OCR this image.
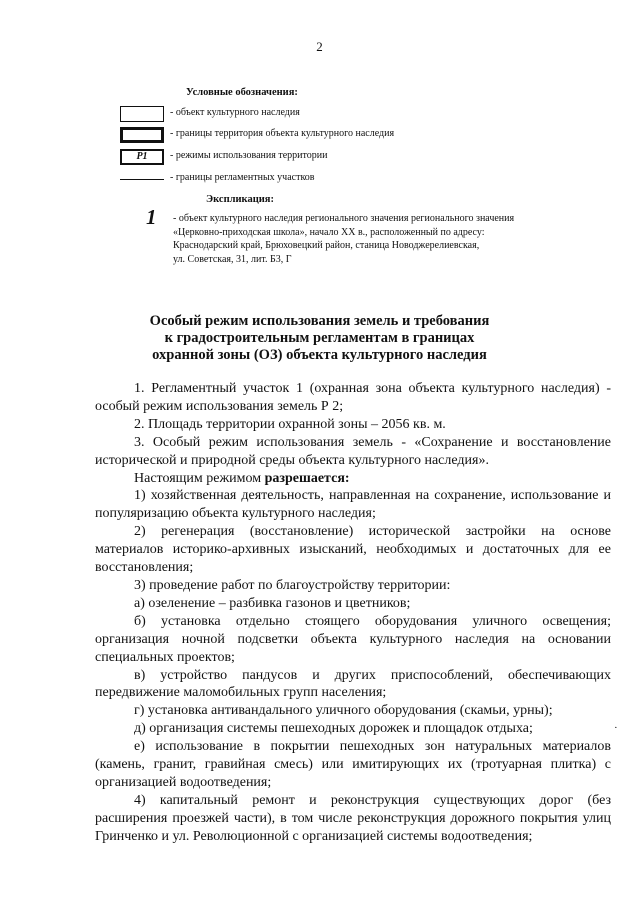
2
Условные обозначения:
- объект культурного наследия
- границы территория объекта культурного наследия
Р1	- режимы использования территории
- границы регламентных участков
Экспликация:
1 - объект культурного наследия регионального значения регионального значения
«Церковно-приходская школа», начало XX в., расположенный по адресу:
Краснодарский край, Брюховецкий район, станица Новоджерелиевская,
ул. Советская, 31, лит. Б3, Г
Особый режим использования земель и требования
к градостроительным регламентам в границах
охранной зоны (ОЗ) объекта культурного наследия

1. Регламентный участок 1 (охранная зона объекта культурного наследия) - особый режим использования земель Р 2;

2. Площадь территории охранной зоны – 2056 кв. м.

3. Особый режим использования земель - «Сохранение и восстановление исторической и природной среды объекта культурного наследия».

Настоящим режимом разрешается:

1) хозяйственная деятельность, направленная на сохранение, использование и популяризацию объекта культурного наследия;

2) регенерация (восстановление) исторической застройки на основе материалов историко-архивных изысканий, необходимых и достаточных для ее восстановления;

3) проведение работ по благоустройству территории:

а) озеленение – разбивка газонов и цветников;

б) установка отдельно стоящего оборудования уличного освещения; организация ночной подсветки объекта культурного наследия на основании специальных проектов;

в) устройство пандусов и других приспособлений, обеспечивающих передвижение маломобильных групп населения;

г) установка антивандального уличного оборудования (скамьи, урны);

д) организация системы пешеходных дорожек и площадок отдыха;

е) использование в покрытии пешеходных зон натуральных материалов (камень, гранит, гравийная смесь) или имитирующих их (тротуарная плитка) с организацией водоотведения;

4) капитальный ремонт и реконструкция существующих дорог (без расширения проезжей части), в том числе реконструкция дорожного покрытия улиц Гринченко и ул. Революционной с организацией системы водоотведения;

·
